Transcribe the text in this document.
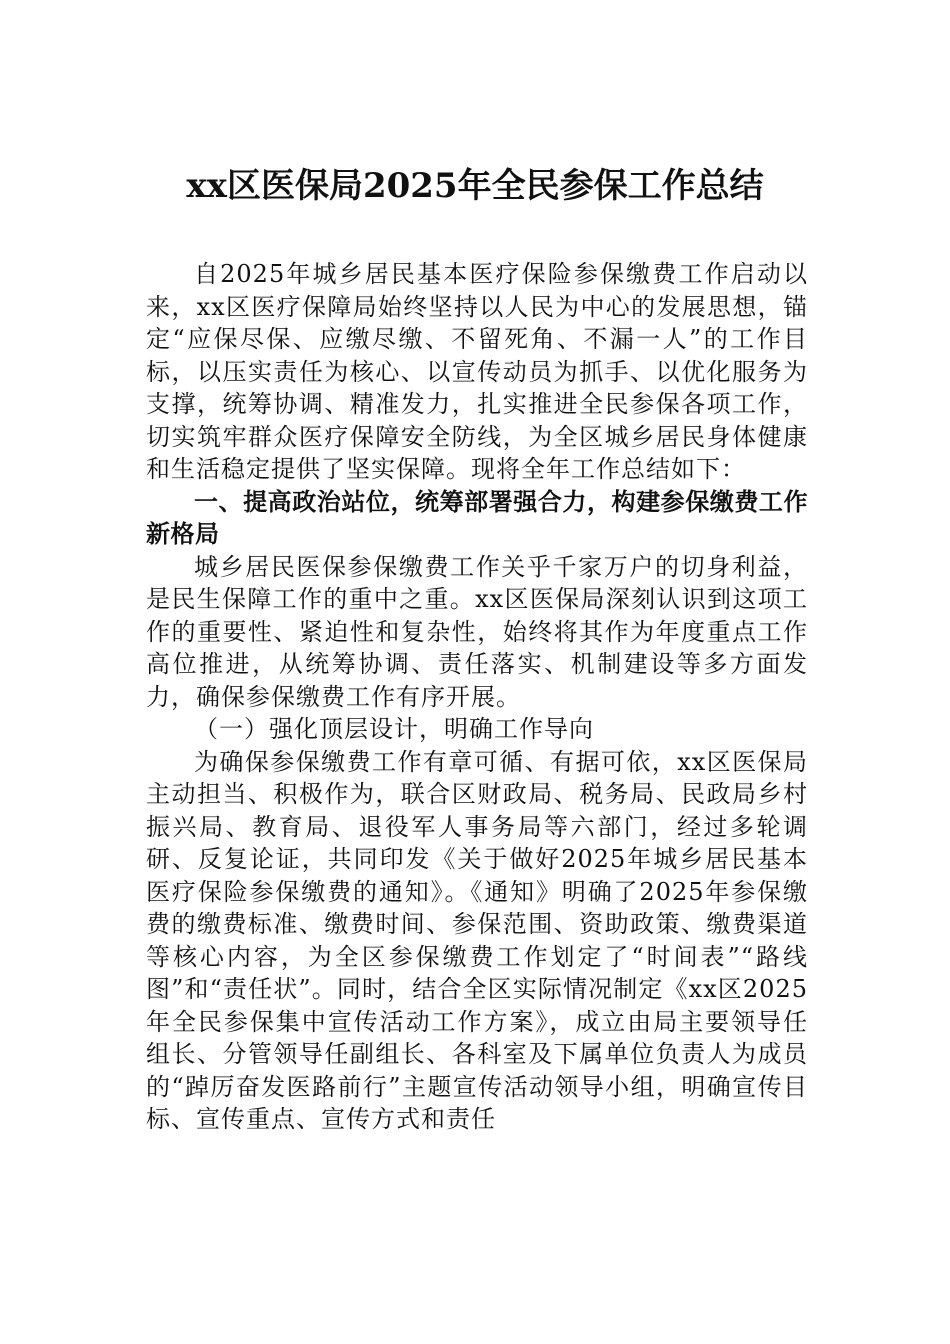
xx区医保局2025年全民参保工作总结

自2025年城乡居民基本医疗保险参保缴费工作启动以来，xx区医疗保障局始终坚持以人民为中心的发展思想，锚定“应保尽保、应缴尽缴、不留死角、不漏一人”的工作目标，以压实责任为核心、以宣传动员为抓手、以优化服务为支撑，统筹协调、精准发力，扎实推进全民参保各项工作，切实筑牢群众医疗保障安全防线，为全区城乡居民身体健康和生活稳定提供了坚实保障。现将全年工作总结如下：

一、提高政治站位，统筹部署强合力，构建参保缴费工作新格局

城乡居民医保参保缴费工作关乎千家万户的切身利益，是民生保障工作的重中之重。xx区医保局深刻认识到这项工作的重要性、紧迫性和复杂性，始终将其作为年度重点工作高位推进，从统筹协调、责任落实、机制建设等多方面发力，确保参保缴费工作有序开展。

（一）强化顶层设计，明确工作导向

为确保参保缴费工作有章可循、有据可依，xx区医保局主动担当、积极作为，联合区财政局、税务局、民政局乡村振兴局、教育局、退役军人事务局等六部门，经过多轮调研、反复论证，共同印发《关于做好2025年城乡居民基本医疗保险参保缴费的通知》。《通知》明确了2025年参保缴费的缴费标准、缴费时间、参保范围、资助政策、缴费渠道等核心内容，为全区参保缴费工作划定了“时间表”“路线图”和“责任状”。同时，结合全区实际情况制定《xx区2025年全民参保集中宣传活动工作方案》，成立由局主要领导任组长、分管领导任副组长、各科室及下属单位负责人为成员的“踔厉奋发医路前行”主题宣传活动领导小组，明确宣传目标、宣传重点、宣传方式和责任
